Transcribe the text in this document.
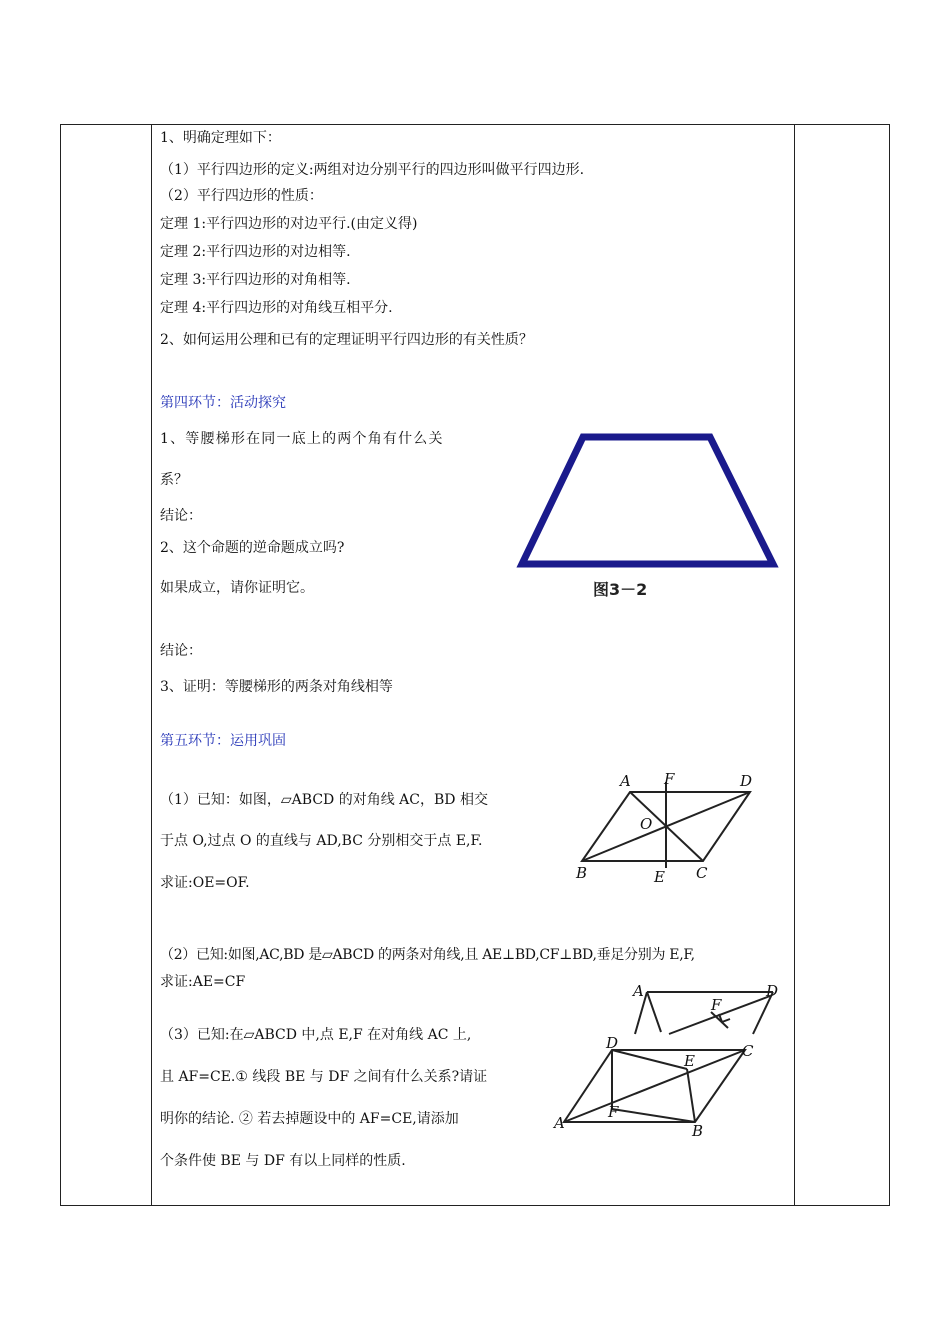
1、明确定理如下：
（1）平行四边形的定义:两组对边分别平行的四边形叫做平行四边形.
（2）平行四边形的性质：
定理 1:平行四边形的对边平行.(由定义得)
定理 2:平行四边形的对边相等.
定理 3:平行四边形的对角相等.
定理 4:平行四边形的对角线互相平分.
2、如何运用公理和已有的定理证明平行四边形的有关性质？
第四环节：活动探究
1、等腰梯形在同一底上的两个角有什么关
系？
结论：
2、这个命题的逆命题成立吗?
如果成立，请你证明它。
结论：
3、证明：等腰梯形的两条对角线相等
图3－2
第五环节：运用巩固
（1）已知：如图，▱ABCD 的对角线 AC，BD 相交
于点 O,过点 O 的直线与 AD,BC 分别相交于点 E,F.
求证:OE=OF.
A F	D
O
B	E C
（2）已知:如图,AC,BD 是▱ABCD 的两条对角线,且 AE⊥BD,CF⊥BD,垂足分别为 E,F,
求证:AE=CF	A
F
D
（3）已知:在▱ABCD 中,点 E,F 在对角线 AC 上,
且 AF=CE.① 线段 BE 与 DF 之间有什么关系?请证
明你的结论. ② 若去掉题设中的 AF=CE,请添加
个条件使 BE 与 DF 有以上同样的性质.
D
E
C
A
F
B
